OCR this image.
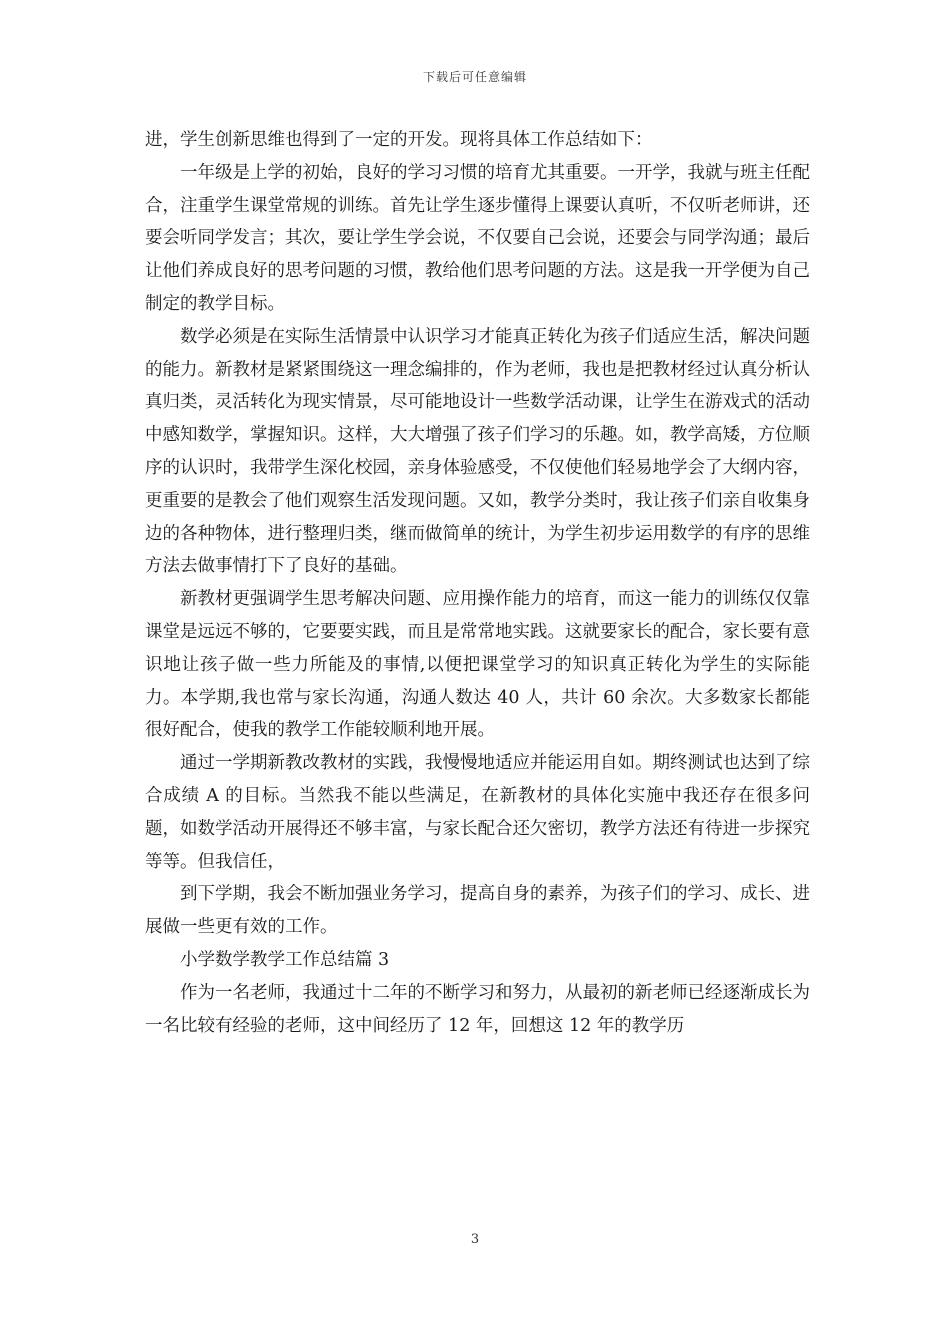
下载后可任意编辑

进，学生创新思维也得到了一定的开发。现将具体工作总结如下：

一年级是上学的初始，良好的学习习惯的培育尤其重要。一开学，我就与班主任配合，注重学生课堂常规的训练。首先让学生逐步懂得上课要认真听，不仅听老师讲，还要会听同学发言；其次，要让学生学会说，不仅要自己会说，还要会与同学沟通；最后让他们养成良好的思考问题的习惯，教给他们思考问题的方法。这是我一开学便为自己制定的教学目标。

数学必须是在实际生活情景中认识学习才能真正转化为孩子们适应生活，解决问题的能力。新教材是紧紧围绕这一理念编排的，作为老师，我也是把教材经过认真分析认真归类，灵活转化为现实情景，尽可能地设计一些数学活动课，让学生在游戏式的活动中感知数学，掌握知识。这样，大大增强了孩子们学习的乐趣。如，教学高矮，方位顺序的认识时，我带学生深化校园，亲身体验感受，不仅使他们轻易地学会了大纲内容，更重要的是教会了他们观察生活发现问题。又如，教学分类时，我让孩子们亲自收集身边的各种物体，进行整理归类，继而做简单的统计，为学生初步运用数学的有序的思维方法去做事情打下了良好的基础。

新教材更强调学生思考解决问题、应用操作能力的培育，而这一能力的训练仅仅靠课堂是远远不够的，它要要实践，而且是常常地实践。这就要家长的配合，家长要有意识地让孩子做一些力所能及的事情,以便把课堂学习的知识真正转化为学生的实际能力。本学期,我也常与家长沟通，沟通人数达 40 人，共计 60 余次。大多数家长都能很好配合，使我的教学工作能较顺利地开展。

通过一学期新教改教材的实践，我慢慢地适应并能运用自如。期终测试也达到了综合成绩 A 的目标。当然我不能以些满足，在新教材的具体化实施中我还存在很多问题，如数学活动开展得还不够丰富，与家长配合还欠密切，教学方法还有待进一步探究等等。但我信任，

到下学期，我会不断加强业务学习，提高自身的素养，为孩子们的学习、成长、进展做一些更有效的工作。

小学数学教学工作总结篇 3

作为一名老师，我通过十二年的不断学习和努力，从最初的新老师已经逐渐成长为一名比较有经验的老师，这中间经历了 12 年，回想这 12 年的教学历

3
